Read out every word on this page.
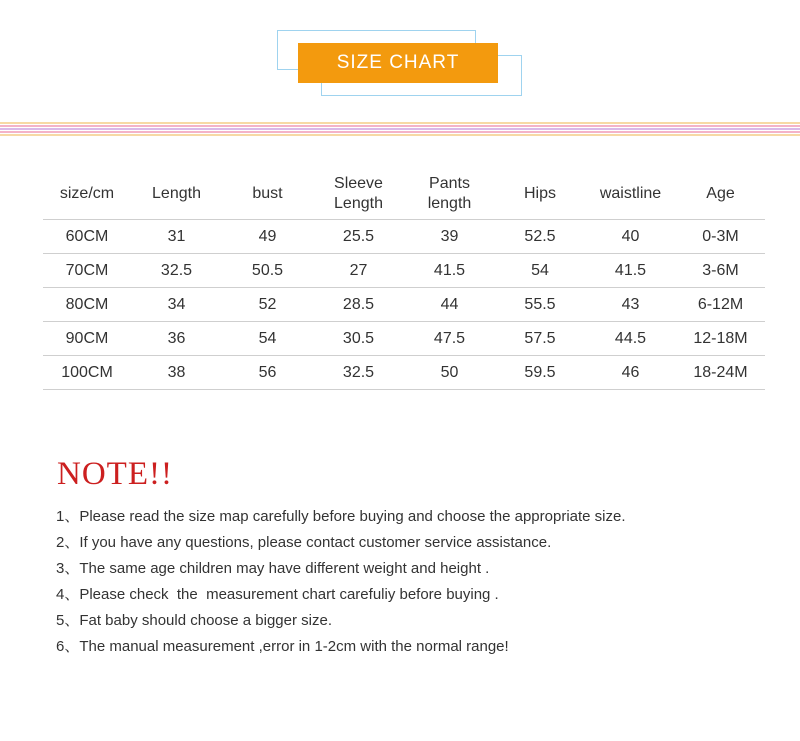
SIZE CHART
size/cm	Length	bust	Sleeve Length	Pants length	Hips	waistline	Age
60CM	31	49	25.5	39	52.5	40	0-3M
70CM	32.5	50.5	27	41.5	54	41.5	3-6M
80CM	34	52	28.5	44	55.5	43	6-12M
90CM	36	54	30.5	47.5	57.5	44.5	12-18M
100CM	38	56	32.5	50	59.5	46	18-24M
NOTE!!
1、Please read the size map carefully before buying and choose the appropriate size.
2、If you have any questions, please contact customer service assistance.
3、The same age children may have different weight and height .
4、Please check  the  measurement chart carefuliy before buying .
5、Fat baby should choose a bigger size.
6、The manual measurement ,error in 1-2cm with the normal range!
